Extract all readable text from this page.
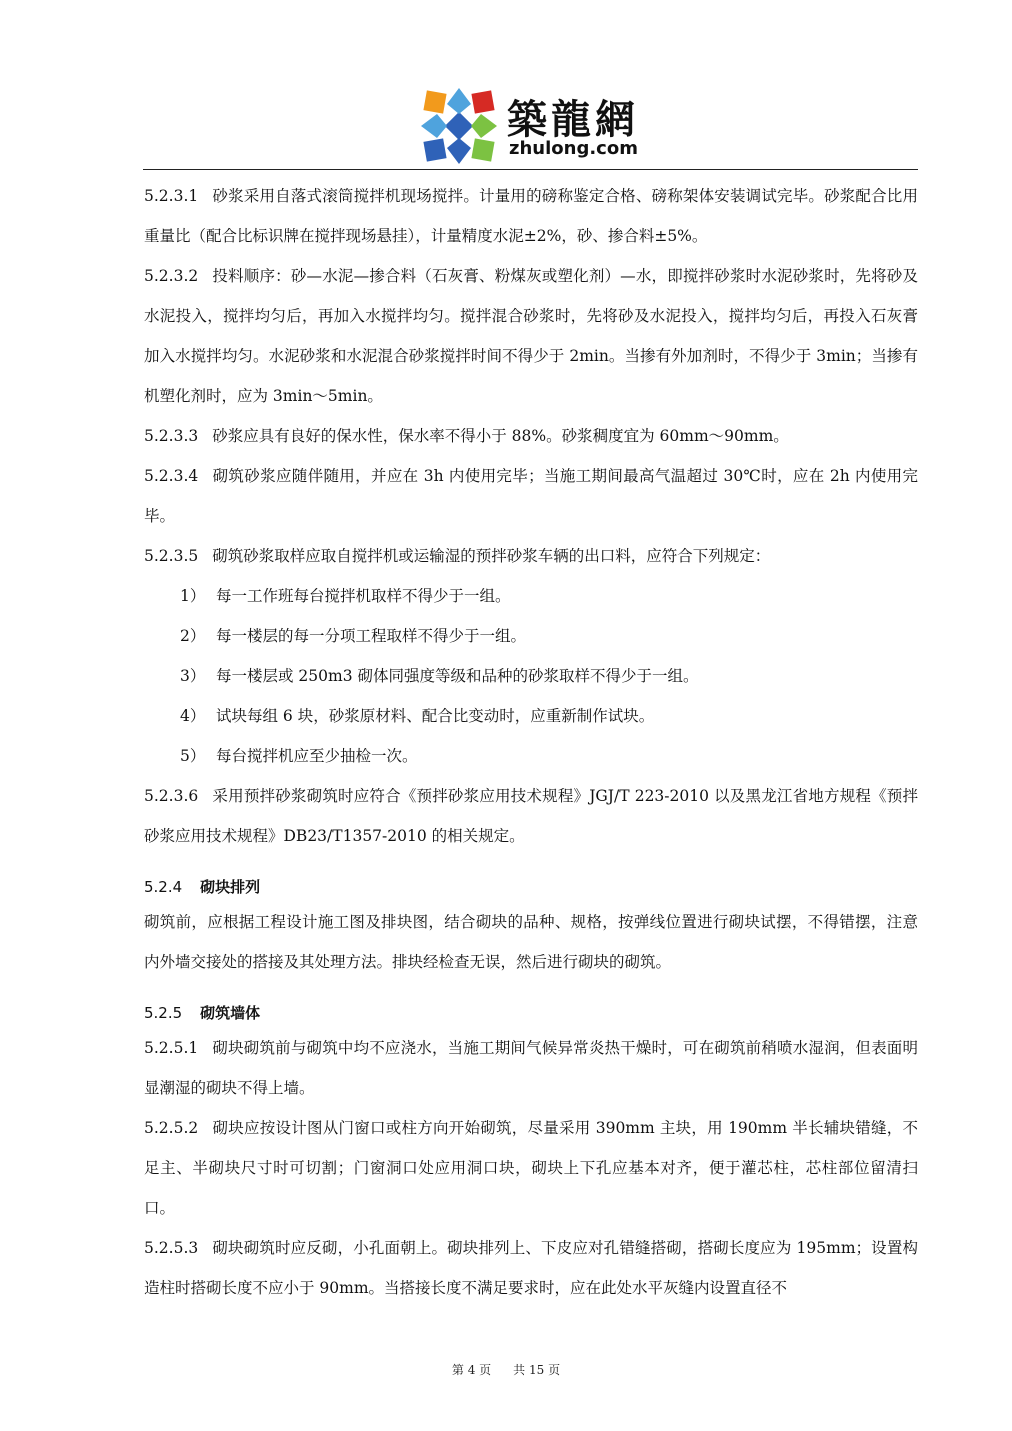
築龍網
zhulong.com

5.2.3.1 砂浆采用自落式滚筒搅拌机现场搅拌。计量用的磅称鉴定合格、磅称架体安装调试完毕。砂浆配合比用重量比（配合比标识牌在搅拌现场悬挂），计量精度水泥±2%，砂、掺合料±5%。

5.2.3.2 投料顺序：砂—水泥—掺合料（石灰膏、粉煤灰或塑化剂）—水，即搅拌砂浆时水泥砂浆时，先将砂及水泥投入，搅拌均匀后，再加入水搅拌均匀。搅拌混合砂浆时，先将砂及水泥投入，搅拌均匀后，再投入石灰膏加入水搅拌均匀。水泥砂浆和水泥混合砂浆搅拌时间不得少于 2min。当掺有外加剂时，不得少于 3min；当掺有机塑化剂时，应为 3min～5min。

5.2.3.3 砂浆应具有良好的保水性，保水率不得小于 88%。砂浆稠度宜为 60mm～90mm。

5.2.3.4 砌筑砂浆应随伴随用，并应在 3h 内使用完毕；当施工期间最高气温超过 30℃时，应在 2h 内使用完毕。

5.2.3.5 砌筑砂浆取样应取自搅拌机或运输湿的预拌砂浆车辆的出口料，应符合下列规定：

1） 每一工作班每台搅拌机取样不得少于一组。

2） 每一楼层的每一分项工程取样不得少于一组。

3） 每一楼层或 250m3 砌体同强度等级和品种的砂浆取样不得少于一组。

4） 试块每组 6 块，砂浆原材料、配合比变动时，应重新制作试块。

5） 每台搅拌机应至少抽检一次。

5.2.3.6 采用预拌砂浆砌筑时应符合《预拌砂浆应用技术规程》JGJ/T 223-2010 以及黑龙江省地方规程《预拌砂浆应用技术规程》DB23/T1357-2010 的相关规定。

5.2.4 砌块排列

砌筑前，应根据工程设计施工图及排块图，结合砌块的品种、规格，按弹线位置进行砌块试摆，不得错摆，注意内外墙交接处的搭接及其处理方法。排块经检查无误，然后进行砌块的砌筑。

5.2.5 砌筑墙体

5.2.5.1 砌块砌筑前与砌筑中均不应浇水，当施工期间气候异常炎热干燥时，可在砌筑前稍喷水湿润，但表面明显潮湿的砌块不得上墙。

5.2.5.2 砌块应按设计图从门窗口或柱方向开始砌筑，尽量采用 390mm 主块，用 190mm 半长辅块错缝，不足主、半砌块尺寸时可切割；门窗洞口处应用洞口块，砌块上下孔应基本对齐，便于灌芯柱，芯柱部位留清扫口。

5.2.5.3 砌块砌筑时应反砌，小孔面朝上。砌块排列上、下皮应对孔错缝搭砌，搭砌长度应为 195mm；设置构造柱时搭砌长度不应小于 90mm。当搭接长度不满足要求时，应在此处水平灰缝内设置直径不

第 4 页 共 15 页
